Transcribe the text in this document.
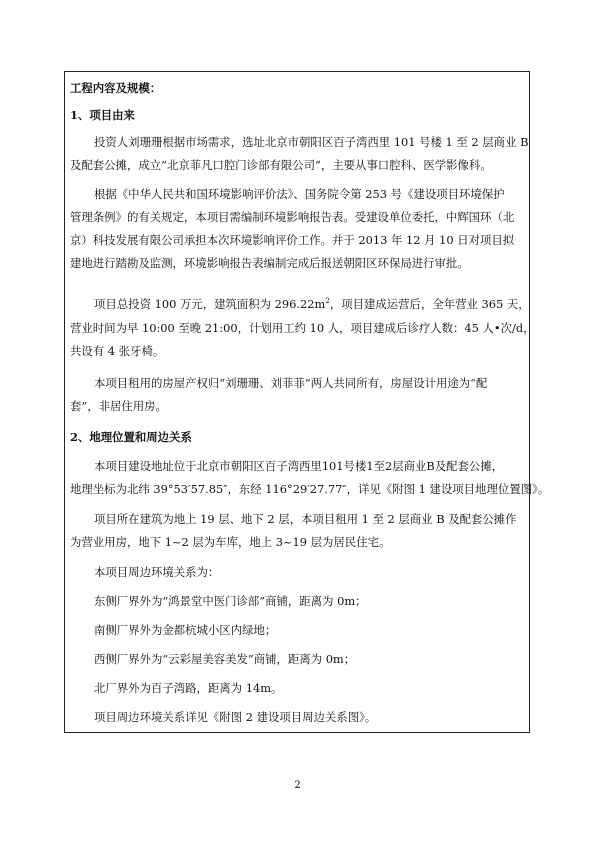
工程内容及规模：
1、项目由来
投资人刘珊珊根据市场需求，选址北京市朝阳区百子湾西里 101 号楼 1 至 2 层商业 B
及配套公摊，成立“北京菲凡口腔门诊部有限公司”，主要从事口腔科、医学影像科。
根据《中华人民共和国环境影响评价法》、国务院令第 253 号《建设项目环境保护
管理条例》的有关规定，本项目需编制环境影响报告表。受建设单位委托，中辉国环（北
京）科技发展有限公司承担本次环境影响评价工作。并于 2013 年 12 月 10 日对项目拟
建地进行踏勘及监测，环境影响报告表编制完成后报送朝阳区环保局进行审批。
项目总投资 100 万元，建筑面积为 $296.22m^2$，项目建成运营后，全年营业 365 天，
营业时间为早 10:00 至晚 21:00，计划用工约 10 人，项目建成后诊疗人数：45 人•次/d，
共设有 4 张牙椅。
本项目租用的房屋产权归“刘珊珊、刘菲菲”两人共同所有，房屋设计用途为“配
套”，非居住用房。
2、地理位置和周边关系
本项目建设地址位于北京市朝阳区百子湾西里101号楼1至2层商业B及配套公摊，
地理坐标为北纬 39°53′57.85″，东经 116°29′27.77″，详见《附图 1 建设项目地理位置图》。
项目所在建筑为地上 19 层、地下 2 层，本项目租用 1 至 2 层商业 B 及配套公摊作
为营业用房，地下 1~2 层为车库，地上 3~19 层为居民住宅。
本项目周边环境关系为：
东侧厂界外为“鸿景堂中医门诊部”商铺，距离为 0m；
南侧厂界外为金都杭城小区内绿地；
西侧厂界外为“云彩屋美容美发”商铺，距离为 0m；
北厂界外为百子湾路，距离为 14m。
项目周边环境关系详见《附图 2 建设项目周边关系图》。
2
